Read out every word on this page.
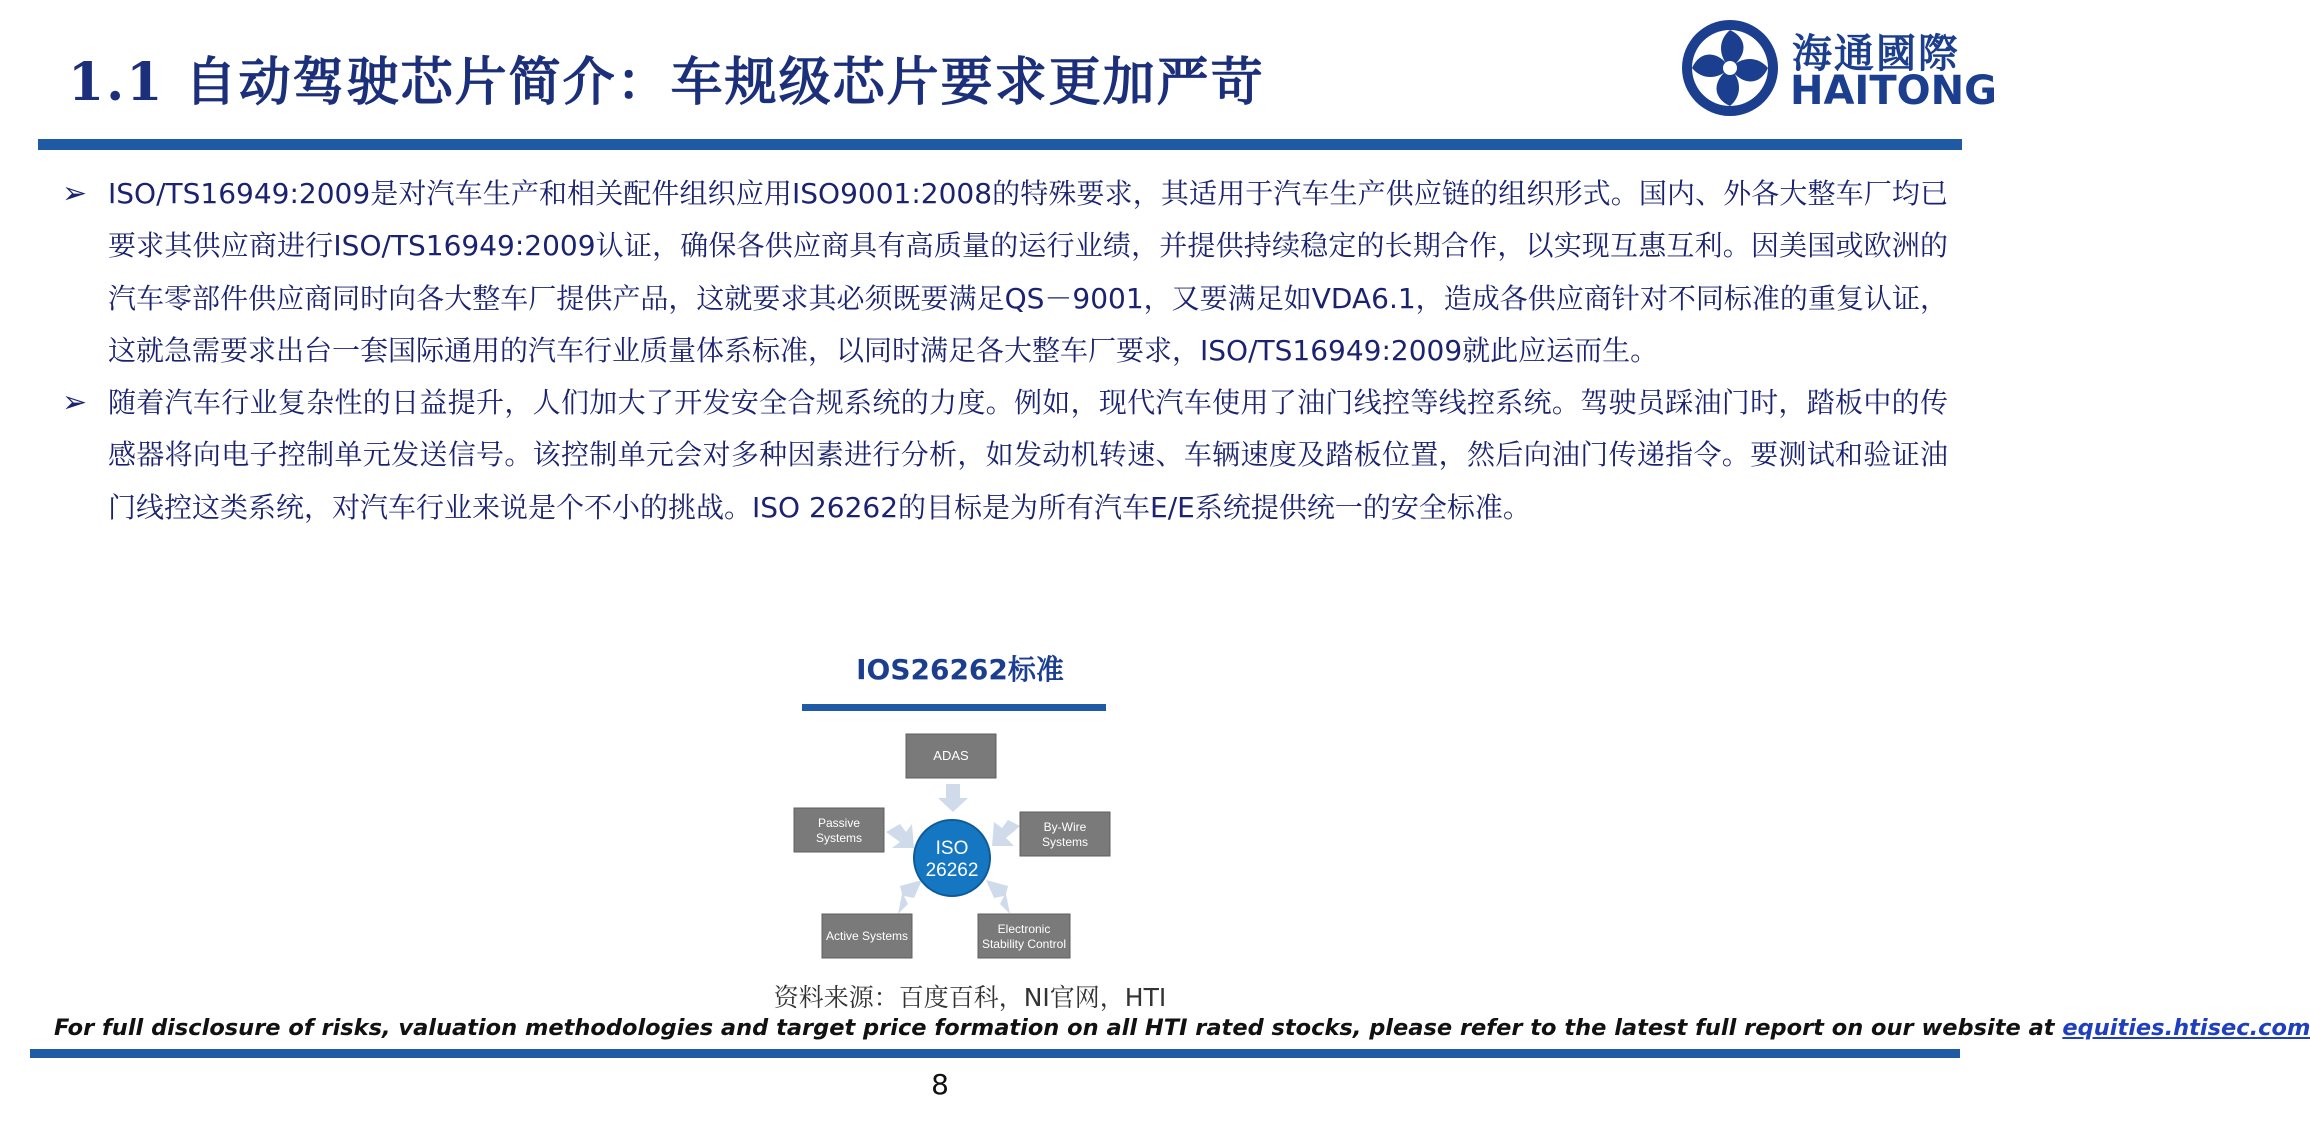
1.1 自动驾驶芯片简介：车规级芯片要求更加严苛	海通國際
HAITONG
➢ ISO/TS16949:2009是对汽车生产和相关配件组织应用ISO9001:2008的特殊要求，其适用于汽车生产供应链的组织形式。国内、外各大整车厂均已要求其供应商进行ISO/TS16949:2009认证，确保各供应商具有高质量的运行业绩，并提供持续稳定的长期合作，以实现互惠互利。因美国或欧洲的汽车零部件供应商同时向各大整车厂提供产品，这就要求其必须既要满足QS－9001，又要满足如VDA6.1，造成各供应商针对不同标准的重复认证，这就急需要求出台一套国际通用的汽车行业质量体系标准，以同时满足各大整车厂要求，ISO/TS16949:2009就此应运而生。
➢ 随着汽车行业复杂性的日益提升，人们加大了开发安全合规系统的力度。例如，现代汽车使用了油门线控等线控系统。驾驶员踩油门时，踏板中的传感器将向电子控制单元发送信号。该控制单元会对多种因素进行分析，如发动机转速、车辆速度及踏板位置，然后向油门传递指令。要测试和验证油门线控这类系统，对汽车行业来说是个不小的挑战。ISO 26262的目标是为所有汽车E/E系统提供统一的安全标准。
IOS26262标准
ADAS
Passive
Systems
By-Wire
Systems
Active Systems	Electronic
Stability Control
ISO
26262
资料来源：百度百科，NI官网，HTI
For full disclosure of risks, valuation methodologies and target price formation on all HTI rated stocks, please refer to the latest full report on our website at equities.htisec.com
8
